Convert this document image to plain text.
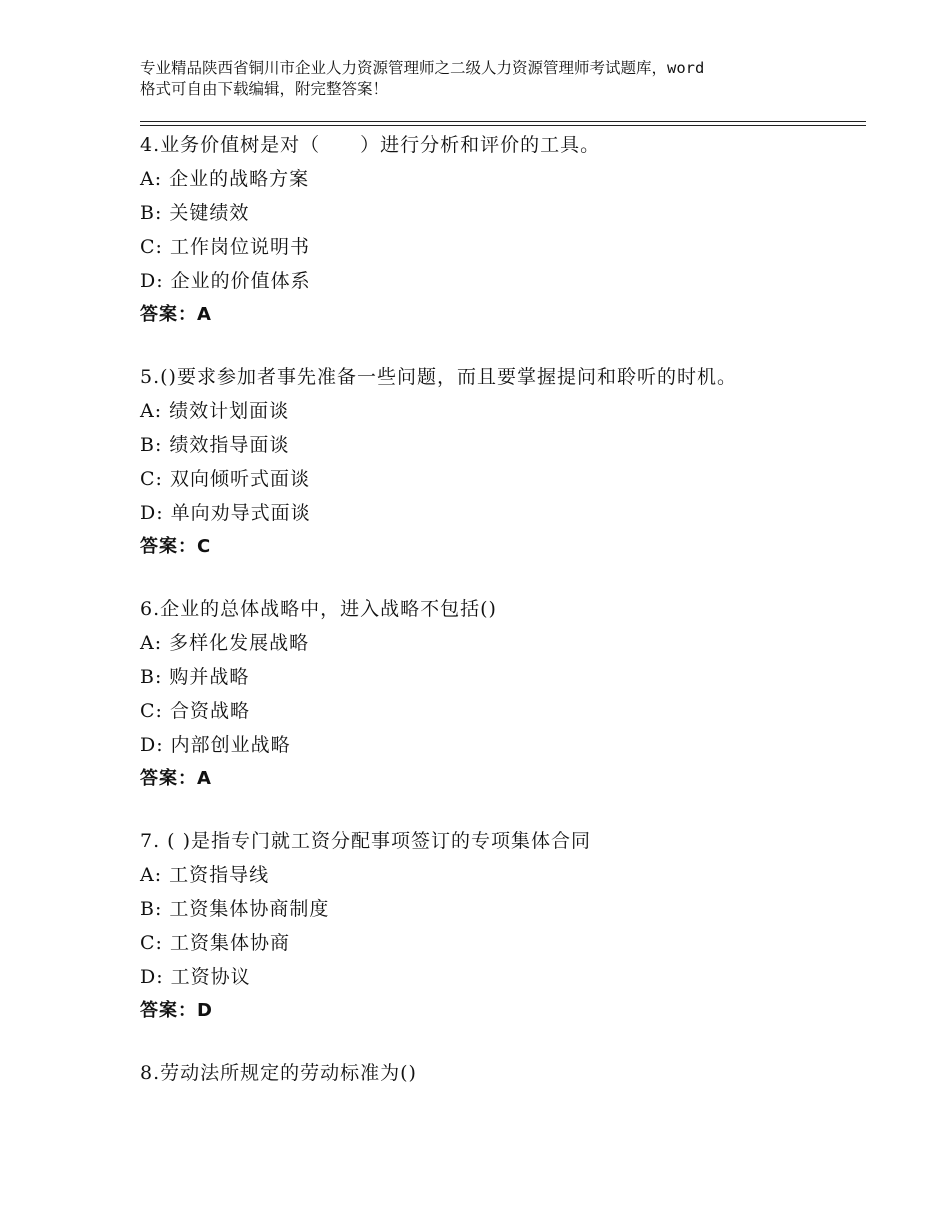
专业精品陕西省铜川市企业人力资源管理师之二级人力资源管理师考试题库，word
格式可自由下载编辑，附完整答案！
4.业务价值树是对（　　）进行分析和评价的工具。
A: 企业的战略方案
B: 关键绩效
C: 工作岗位说明书
D: 企业的价值体系
答案：A
5.()要求参加者事先准备一些问题，而且要掌握提问和聆听的时机。
A: 绩效计划面谈
B: 绩效指导面谈
C: 双向倾听式面谈
D: 单向劝导式面谈
答案：C
6.企业的总体战略中，进入战略不包括()
A: 多样化发展战略
B: 购并战略
C: 合资战略
D: 内部创业战略
答案：A
7. ( )是指专门就工资分配事项签订的专项集体合同
A: 工资指导线
B: 工资集体协商制度
C: 工资集体协商
D: 工资协议
答案：D
8.劳动法所规定的劳动标准为()
